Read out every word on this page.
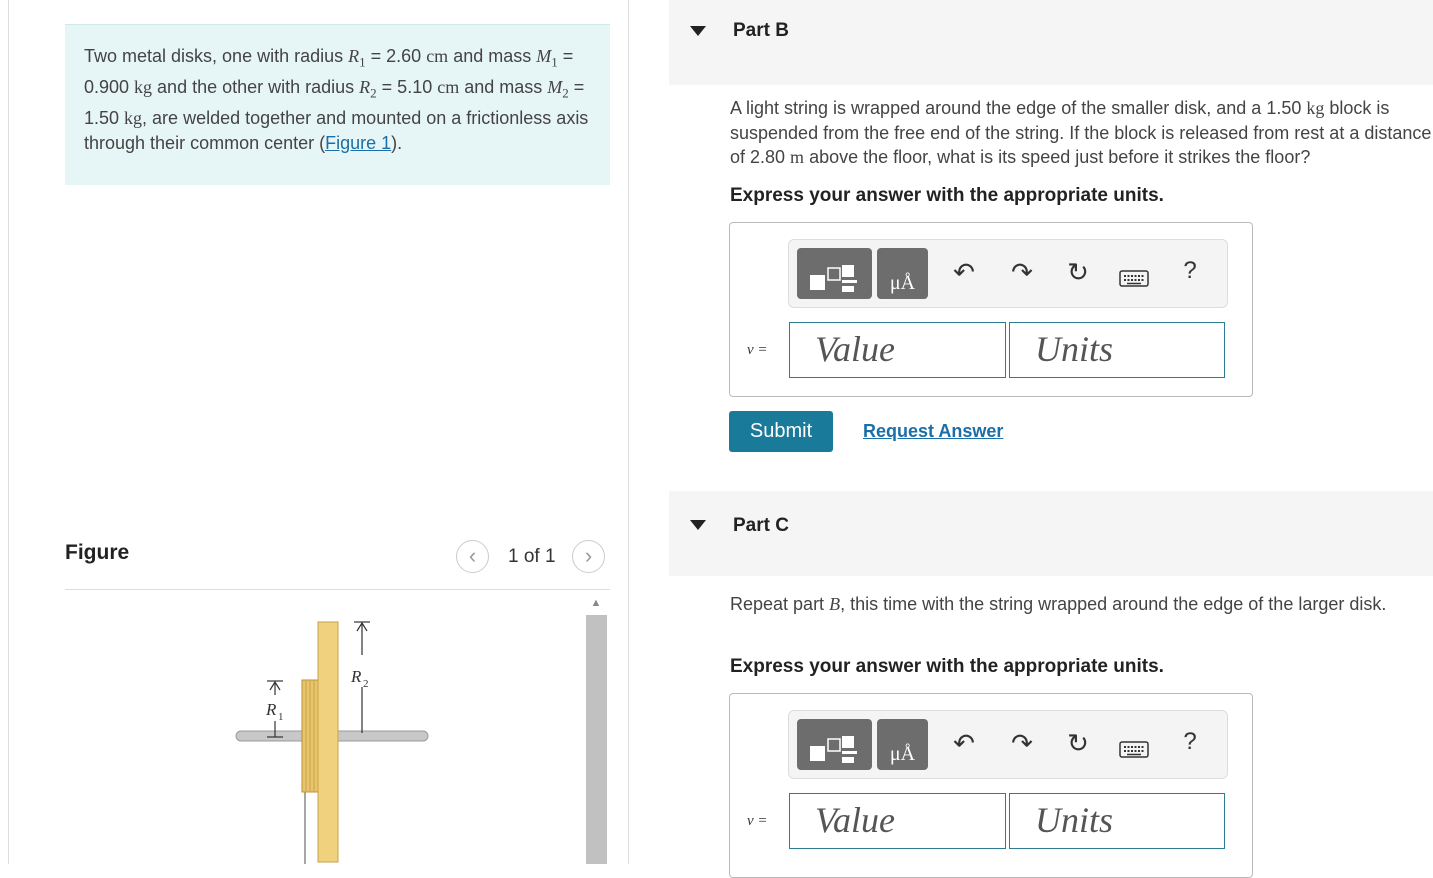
Two metal disks, one with radius $R_1 = 2.60$ cm and mass $M_1 = 0.900$ kg and the other with radius $R_2 = 5.10$ cm and mass $M_2 = 1.50$ kg, are welded together and mounted on a frictionless axis through their common center (Figure 1).
Figure	‹	1 of 1	›
R 2
R 1
▲
Part B
A light string is wrapped around the edge of the smaller disk, and a 1.50 kg block is suspended from the free end of the string. If the block is released from rest at a distance of 2.80 m above the floor, what is its speed just before it strikes the floor?
Express your answer with the appropriate units.
μÅ	↶ ↷ ↻	?
v =	Value	Units
Submit	Request Answer
Part C
Repeat part B, this time with the string wrapped around the edge of the larger disk.
Express your answer with the appropriate units.
μÅ	↶ ↷ ↻	?
v =	Value	Units
